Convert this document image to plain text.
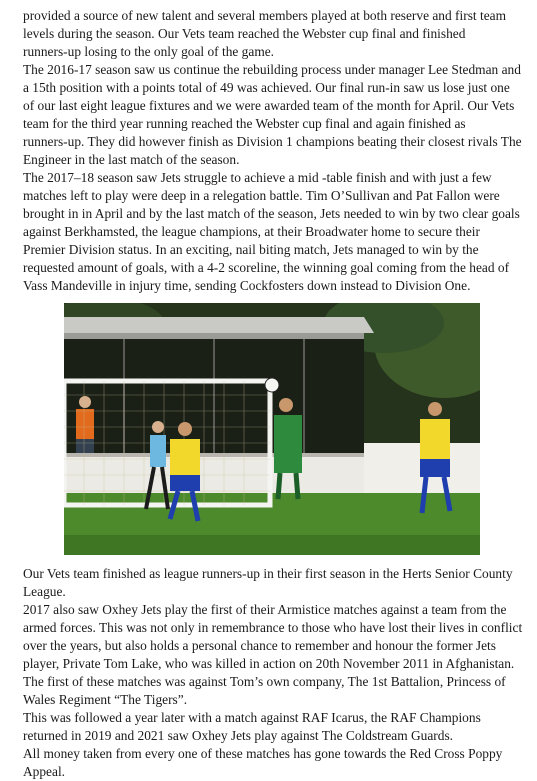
provided a source of new talent and several members played at both reserve and first team
levels during the season. Our Vets team reached the Webster cup final and finished
runners-up losing to the only goal of the game.

The 2016-17 season saw us continue the rebuilding process under manager Lee Stedman and
a 15th position with a points total of 49 was achieved. Our final run-in saw us lose just one
of our last eight league fixtures and we were awarded team of the month for April. Our Vets
team for the third year running reached the Webster cup final and again finished as
runners-up. They did however finish as Division 1 champions beating their closest rivals The
Engineer in the last match of the season.

The 2017–18 season saw Jets struggle to achieve a mid -table finish and with just a few
matches left to play were deep in a relegation battle. Tim O’Sullivan and Pat Fallon were
brought in in April and by the last match of the season, Jets needed to win by two clear goals
against Berkhamsted, the league champions, at their Broadwater home to secure their
Premier Division status. In an exciting, nail biting match, Jets managed to win by the
requested amount of goals, with a 4-2 scoreline, the winning goal coming from the head of
Vass Mandeville in injury time, sending Cockfosters down instead to Division One.

Our Vets team finished as league runners-up in their first season in the Herts Senior County
League.

2017 also saw Oxhey Jets play the first of their Armistice matches against a team from the
armed forces. This was not only in remembrance to those who have lost their lives in conflict
over the years, but also holds a personal chance to remember and honour the former Jets
player, Private Tom Lake, who was killed in action on 20th November 2011 in Afghanistan.
The first of these matches was against Tom’s own company, The 1st Battalion, Princess of
Wales Regiment “The Tigers”.

This was followed a year later with a match against RAF Icarus, the RAF Champions
returned in 2019 and 2021 saw Oxhey Jets play against The Coldstream Guards.

All money taken from every one of these matches has gone towards the Red Cross Poppy
Appeal.
